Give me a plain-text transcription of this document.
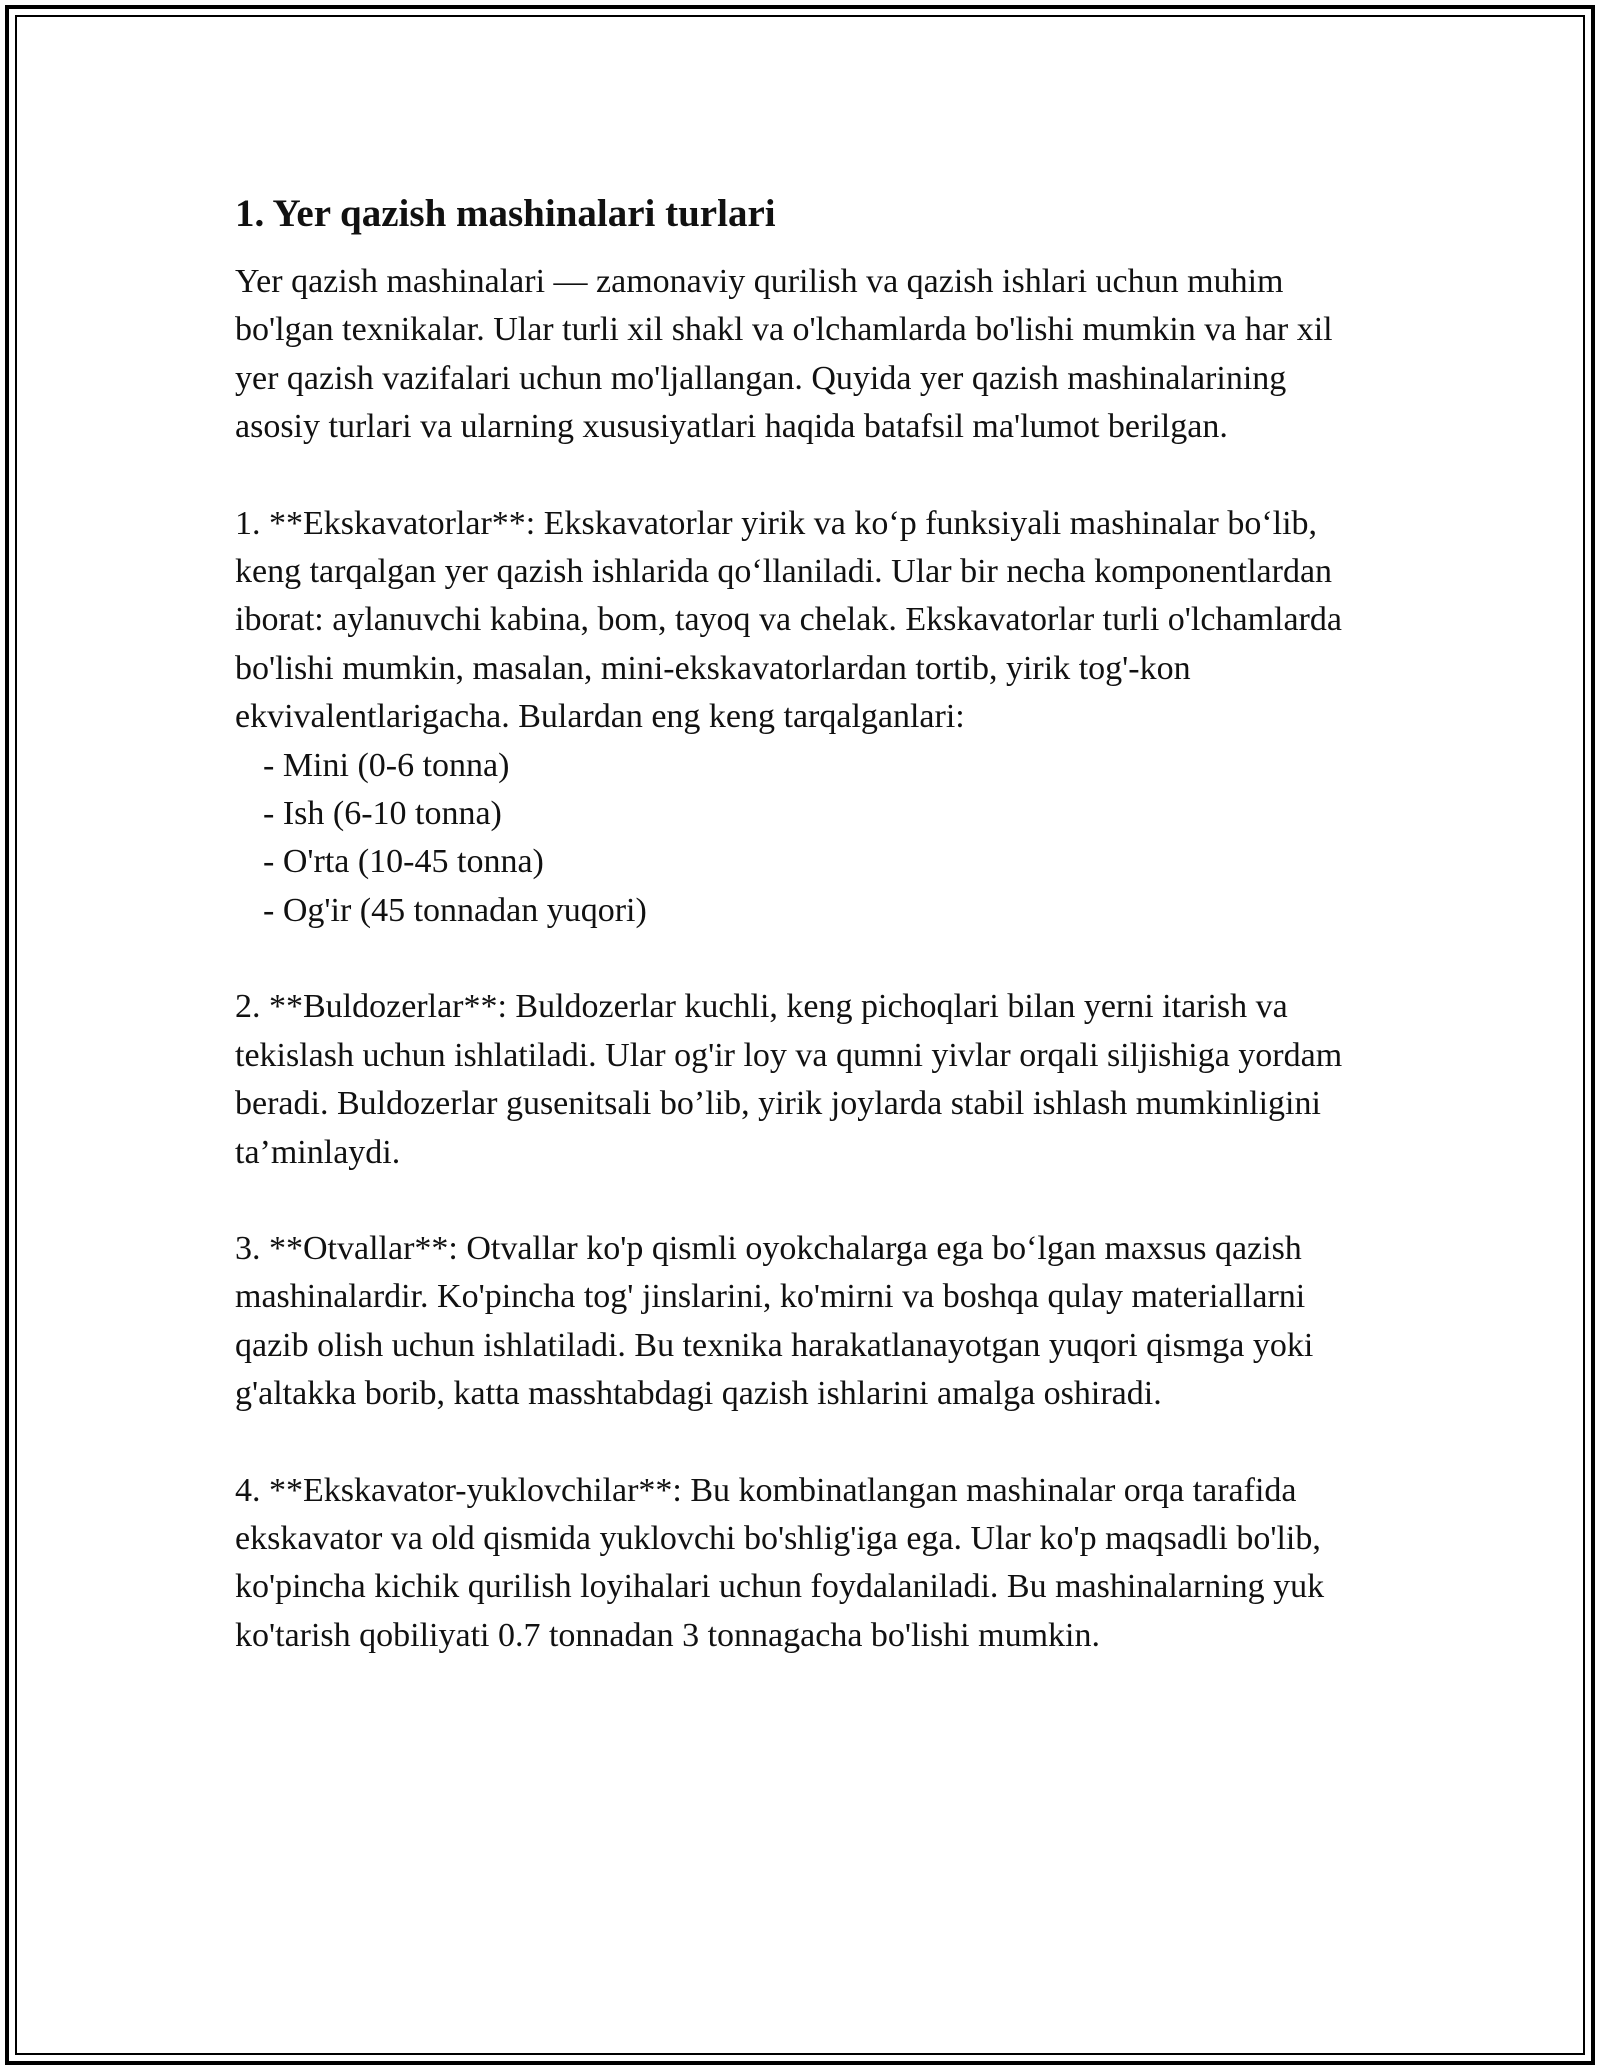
1. Yer qazish mashinalari turlari

Yer qazish mashinalari — zamonaviy qurilish va qazish ishlari uchun muhim bo'lgan texnikalar. Ular turli xil shakl va o'lchamlarda bo'lishi mumkin va har xil yer qazish vazifalari uchun mo'ljallangan. Quyida yer qazish mashinalarining asosiy turlari va ularning xususiyatlari haqida batafsil ma'lumot berilgan.

1. **Ekskavatorlar**: Ekskavatorlar yirik va ko‘p funksiyali mashinalar bo‘lib, keng tarqalgan yer qazish ishlarida qo‘llaniladi. Ular bir necha komponentlardan iborat: aylanuvchi kabina, bom, tayoq va chelak. Ekskavatorlar turli o'lchamlarda bo'lishi mumkin, masalan, mini-ekskavatorlardan tortib, yirik tog'-kon ekvivalentlarigacha. Bulardan eng keng tarqalganlari:

- Mini (0-6 tonna)
- Ish (6-10 tonna)
- O'rta (10-45 tonna)
- Og'ir (45 tonnadan yuqori)

2. **Buldozerlar**: Buldozerlar kuchli, keng pichoqlari bilan yerni itarish va tekislash uchun ishlatiladi. Ular og'ir loy va qumni yivlar orqali siljishiga yordam beradi. Buldozerlar gusenitsali bo’lib, yirik joylarda stabil ishlash mumkinligini ta’minlaydi.

3. **Otvallar**: Otvallar ko'p qismli oyokchalarga ega bo‘lgan maxsus qazish mashinalardir. Ko'pincha tog' jinslarini, ko'mirni va boshqa qulay materiallarni qazib olish uchun ishlatiladi. Bu texnika harakatlanayotgan yuqori qismga yoki g'altakka borib, katta masshtabdagi qazish ishlarini amalga oshiradi.

4. **Ekskavator-yuklovchilar**: Bu kombinatlangan mashinalar orqa tarafida ekskavator va old qismida yuklovchi bo'shlig'iga ega. Ular ko'p maqsadli bo'lib, ko'pincha kichik qurilish loyihalari uchun foydalaniladi. Bu mashinalarning yuk ko'tarish qobiliyati 0.7 tonnadan 3 tonnagacha bo'lishi mumkin.
